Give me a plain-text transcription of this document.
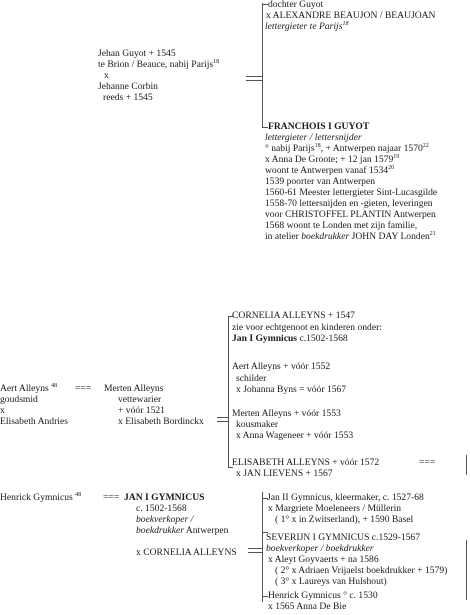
Jehan Guyot + 1545
te Brion / Beauce, nabij Parijs$^{18}$
x
Jehanne Corbin
reeds + 1545
dochter Guyot
x ALEXANDRE BEAUJON / BEAUJOAN
lettergieter te Parijs$^{18}$
FRANCHOIS I GUYOT
lettergieter / lettersnijder
° nabij Parijs$^{18}$, + Antwerpen najaar 1570$^{22}$
x Anna De Groote; + 12 jan 1579$^{19}$
woont te Antwerpen vanaf 1534$^{20}$
1539 poorter van Antwerpen
1560-61 Meester lettergieter Sint-Lucasgilde
1558-70 lettersnijden en -gieten, leveringen
voor CHRISTOFFEL PLANTIN Antwerpen
1568 woont te Londen met zijn familie,
in atelier boekdrukker JOHN DAY Londen$^{21}$
Aert Alleyns $^{48}$
goudsmid
x
Elisabeth Andries
=== Merten Alleyns
vettewarier
+ vóór 1521
x Elisabeth Bordinckx
CORNELIA ALLEYNS + 1547
zie voor echtgenoot en kinderen onder:
Jan I Gymnicus c.1502-1568
Aert Alleyns + vóór 1552
schilder
x Johanna Byns = vóór 1567
Merten Alleyns + vóór 1553
kousmaker
x Anna Wageneer + vóór 1553
ELISABETH ALLEYNS + vóór 1572	===
x JAN LIEVENS + 1567
Henrick Gymnicus $^{48}$ === JAN I GYMNICUS
c. 1502-1568
boekverkoper /
boekdrukker Antwerpen
x CORNELIA ALLEYNS
Jan II Gymnicus, kleermaker, c. 1527-68
x Margriete Moeleneers / Müllerin
( 1° x in Zwitserland), + 1590 Basel
SEVERIJN I GYMNICUS c.1529-1567
boekverkoper / boekdrukker
x Aleyt Goyvaerts + na 1586
( 2° x Adriaen Vrijaelst boekdrukker + 1579)
( 3° x Laureys van Hulshout)
Henrick Gymnicus ° c. 1530
x 1565 Anna De Bie
